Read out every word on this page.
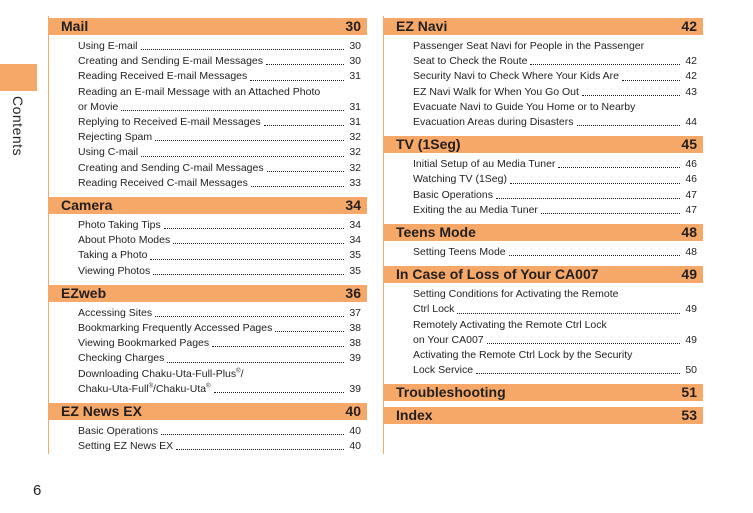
Contents
6
Mail	30
Using E-mail	30
Creating and Sending E-mail Messages	30
Reading Received E-mail Messages	31
Reading an E-mail Message with an Attached Photo
or Movie	31
Replying to Received E-mail Messages	31
Rejecting Spam	32
Using C-mail	32
Creating and Sending C-mail Messages	32
Reading Received C-mail Messages	33
Camera	34
Photo Taking Tips	34
About Photo Modes	34
Taking a Photo	35
Viewing Photos	35
EZweb	36
Accessing Sites	37
Bookmarking Frequently Accessed Pages	38
Viewing Bookmarked Pages	38
Checking Charges	39
Downloading Chaku-Uta-Full-Plus®/
Chaku-Uta-Full®/Chaku-Uta®	39
EZ News EX	40
Basic Operations	40
Setting EZ News EX	40
EZ Navi	42
Passenger Seat Navi for People in the Passenger
Seat to Check the Route	42
Security Navi to Check Where Your Kids Are	42
EZ Navi Walk for When You Go Out	43
Evacuate Navi to Guide You Home or to Nearby
Evacuation Areas during Disasters	44
TV (1Seg)	45
Initial Setup of au Media Tuner	46
Watching TV (1Seg)	46
Basic Operations	47
Exiting the au Media Tuner	47
Teens Mode	48
Setting Teens Mode	48
In Case of Loss of Your CA007	49
Setting Conditions for Activating the Remote
Ctrl Lock	49
Remotely Activating the Remote Ctrl Lock
on Your CA007	49
Activating the Remote Ctrl Lock by the Security
Lock Service	50
Troubleshooting	51
Index	53
